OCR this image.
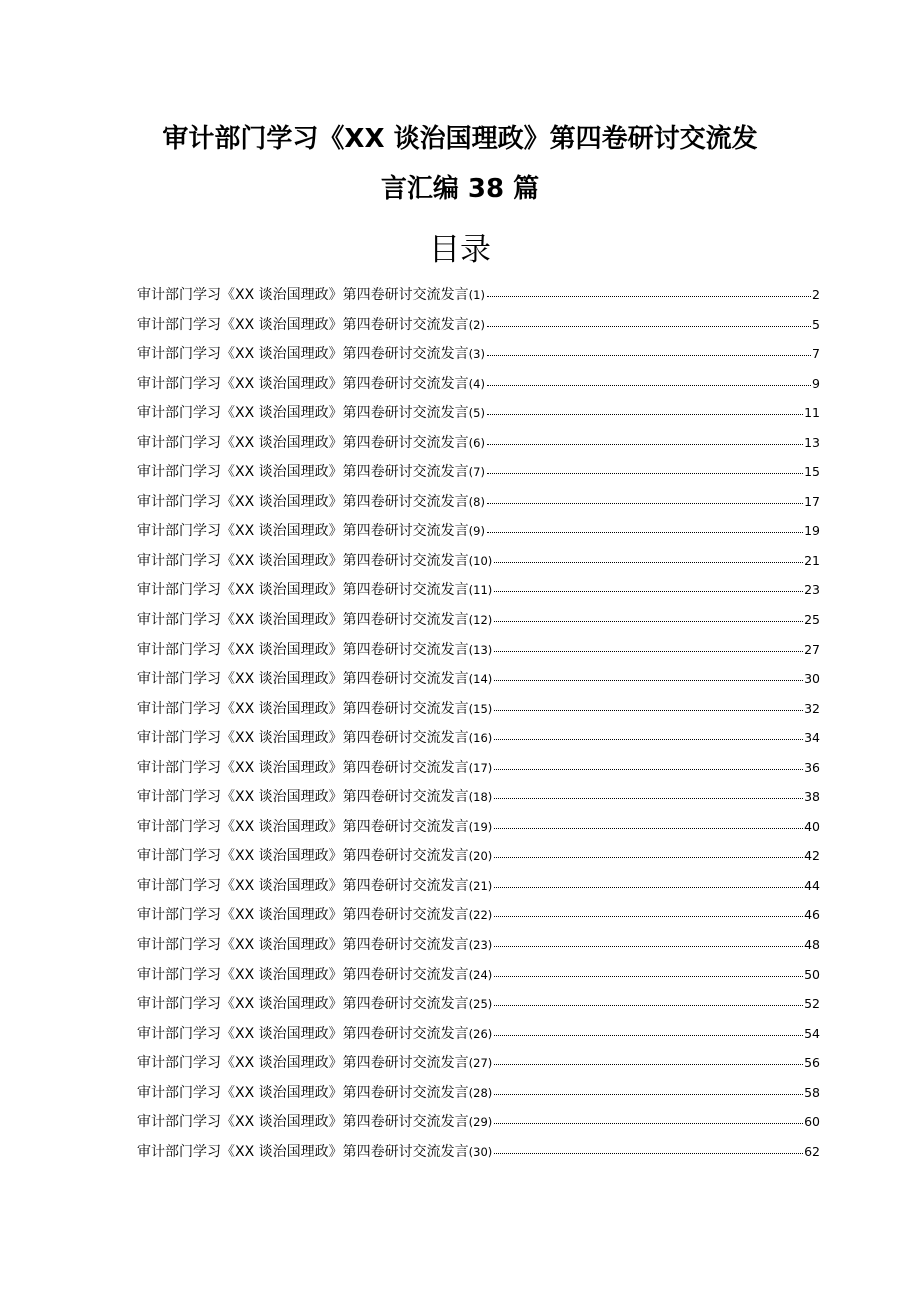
审计部门学习《XX 谈治国理政》第四卷研讨交流发
言汇编 38 篇
目录
审计部门学习《XX 谈治国理政》第四卷研讨交流发言(1)	2
审计部门学习《XX 谈治国理政》第四卷研讨交流发言(2)	5
审计部门学习《XX 谈治国理政》第四卷研讨交流发言(3)	7
审计部门学习《XX 谈治国理政》第四卷研讨交流发言(4)	9
审计部门学习《XX 谈治国理政》第四卷研讨交流发言(5)	11
审计部门学习《XX 谈治国理政》第四卷研讨交流发言(6)	13
审计部门学习《XX 谈治国理政》第四卷研讨交流发言(7)	15
审计部门学习《XX 谈治国理政》第四卷研讨交流发言(8)	17
审计部门学习《XX 谈治国理政》第四卷研讨交流发言(9)	19
审计部门学习《XX 谈治国理政》第四卷研讨交流发言(10)	21
审计部门学习《XX 谈治国理政》第四卷研讨交流发言(11)	23
审计部门学习《XX 谈治国理政》第四卷研讨交流发言(12)	25
审计部门学习《XX 谈治国理政》第四卷研讨交流发言(13)	27
审计部门学习《XX 谈治国理政》第四卷研讨交流发言(14)	30
审计部门学习《XX 谈治国理政》第四卷研讨交流发言(15)	32
审计部门学习《XX 谈治国理政》第四卷研讨交流发言(16)	34
审计部门学习《XX 谈治国理政》第四卷研讨交流发言(17)	36
审计部门学习《XX 谈治国理政》第四卷研讨交流发言(18)	38
审计部门学习《XX 谈治国理政》第四卷研讨交流发言(19)	40
审计部门学习《XX 谈治国理政》第四卷研讨交流发言(20)	42
审计部门学习《XX 谈治国理政》第四卷研讨交流发言(21)	44
审计部门学习《XX 谈治国理政》第四卷研讨交流发言(22)	46
审计部门学习《XX 谈治国理政》第四卷研讨交流发言(23)	48
审计部门学习《XX 谈治国理政》第四卷研讨交流发言(24)	50
审计部门学习《XX 谈治国理政》第四卷研讨交流发言(25)	52
审计部门学习《XX 谈治国理政》第四卷研讨交流发言(26)	54
审计部门学习《XX 谈治国理政》第四卷研讨交流发言(27)	56
审计部门学习《XX 谈治国理政》第四卷研讨交流发言(28)	58
审计部门学习《XX 谈治国理政》第四卷研讨交流发言(29)	60
审计部门学习《XX 谈治国理政》第四卷研讨交流发言(30)	62
